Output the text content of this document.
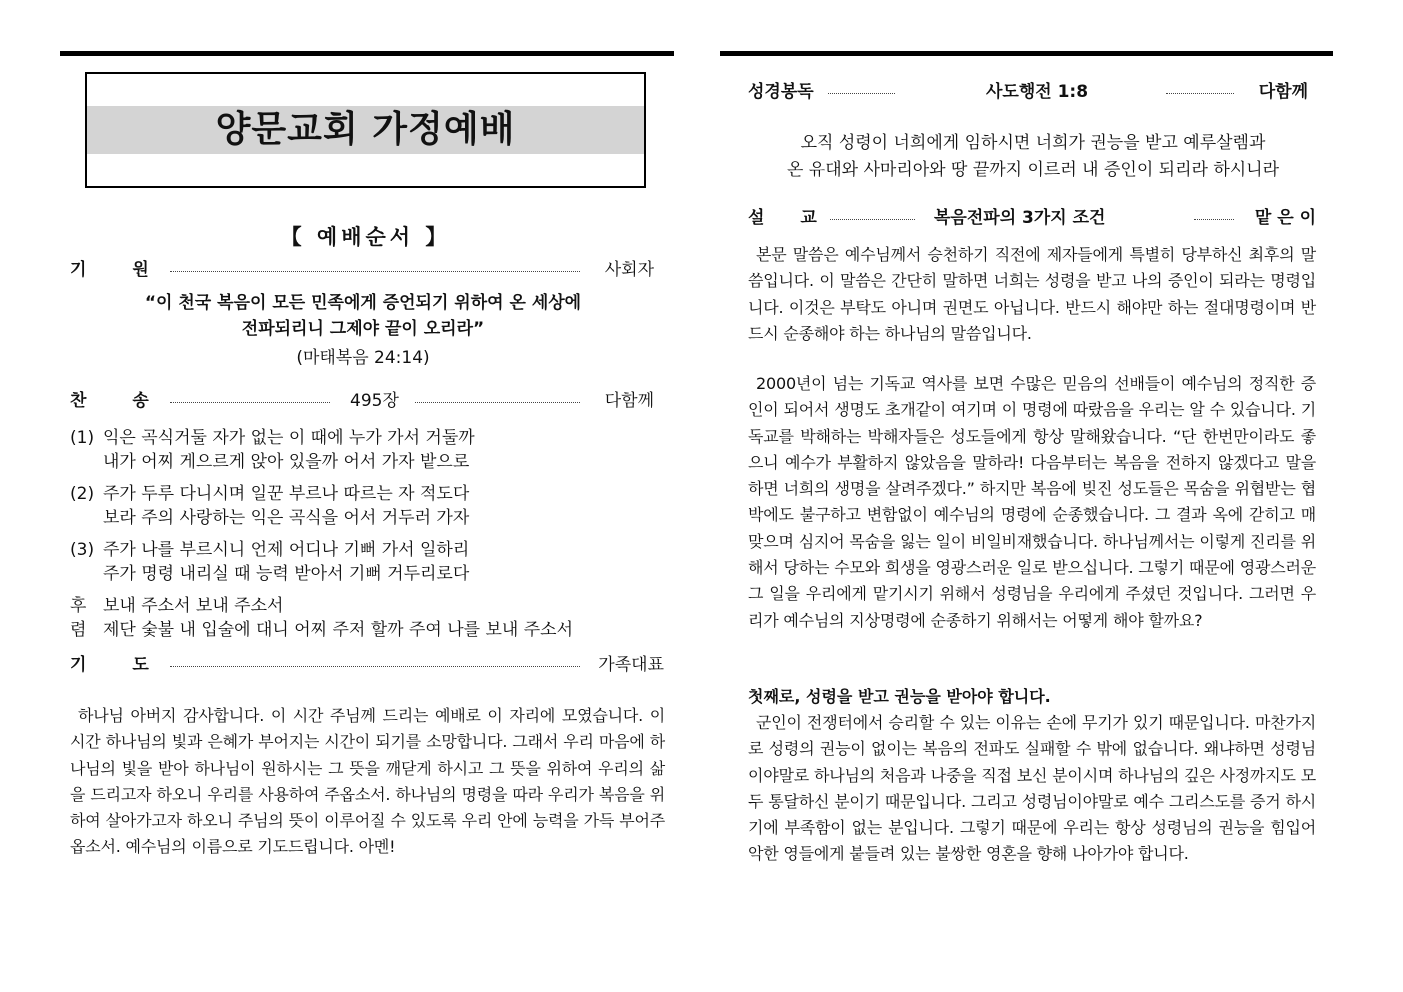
양문교회 가정예배
【 예배순서 】
기 원	사회자
“이 천국 복음이 모든 민족에게 증언되기 위하여 온 세상에
전파되리니 그제야 끝이 오리라”
(마태복음 24:14)
찬 송	495장	다함께
(1) 익은 곡식거둘 자가 없는 이 때에 누가 가서 거둘까
내가 어찌 게으르게 앉아 있을까 어서 가자 밭으로
(2) 주가 두루 다니시며 일꾼 부르나 따르는 자 적도다
보라 주의 사랑하는 익은 곡식을 어서 거두러 가자
(3) 주가 나를 부르시니 언제 어디나 기뻐 가서 일하리
주가 명령 내리실 때 능력 받아서 기뻐 거두리로다
후 보내 주소서 보내 주소서
렴 제단 숯불 내 입술에 대니 어찌 주저 할까 주여 나를 보내 주소서
기 도	가족대표

하나님 아버지 감사합니다. 이 시간 주님께 드리는 예배로 이 자리에 모였습니다. 이 시간 하나님의 빛과 은혜가 부어지는 시간이 되기를 소망합니다. 그래서 우리 마음에 하나님의 빛을 받아 하나님이 원하시는 그 뜻을 깨닫게 하시고 그 뜻을 위하여 우리의 삶을 드리고자 하오니 우리를 사용하여 주옵소서. 하나님의 명령을 따라 우리가 복음을 위하여 살아가고자 하오니 주님의 뜻이 이루어질 수 있도록 우리 안에 능력을 가득 부어주옵소서. 예수님의 이름으로 기도드립니다. 아멘!

성경봉독	사도행전 1:8	다함께
오직 성령이 너희에게 임하시면 너희가 권능을 받고 예루살렘과
온 유대와 사마리아와 땅 끝까지 이르러 내 증인이 되리라 하시니라
설 교	복음전파의 3가지 조건	맡 은 이

본문 말씀은 예수님께서 승천하기 직전에 제자들에게 특별히 당부하신 최후의 말씀입니다. 이 말씀은 간단히 말하면 너희는 성령을 받고 나의 증인이 되라는 명령입니다. 이것은 부탁도 아니며 권면도 아닙니다. 반드시 해야만 하는 절대명령이며 반드시 순종해야 하는 하나님의 말씀입니다.

2000년이 넘는 기독교 역사를 보면 수많은 믿음의 선배들이 예수님의 정직한 증인이 되어서 생명도 초개같이 여기며 이 명령에 따랐음을 우리는 알 수 있습니다. 기독교를 박해하는 박해자들은 성도들에게 항상 말해왔습니다. “단 한번만이라도 좋으니 예수가 부활하지 않았음을 말하라! 다음부터는 복음을 전하지 않겠다고 말을 하면 너희의 생명을 살려주겠다.” 하지만 복음에 빚진 성도들은 목숨을 위협받는 협박에도 불구하고 변함없이 예수님의 명령에 순종했습니다. 그 결과 옥에 갇히고 매 맞으며 심지어 목숨을 잃는 일이 비일비재했습니다. 하나님께서는 이렇게 진리를 위해서 당하는 수모와 희생을 영광스러운 일로 받으십니다. 그렇기 때문에 영광스러운 그 일을 우리에게 맡기시기 위해서 성령님을 우리에게 주셨던 것입니다. 그러면 우리가 예수님의 지상명령에 순종하기 위해서는 어떻게 해야 할까요?

첫째로, 성령을 받고 권능을 받아야 합니다.

군인이 전쟁터에서 승리할 수 있는 이유는 손에 무기가 있기 때문입니다. 마찬가지로 성령의 권능이 없이는 복음의 전파도 실패할 수 밖에 없습니다. 왜냐하면 성령님이야말로 하나님의 처음과 나중을 직접 보신 분이시며 하나님의 깊은 사정까지도 모두 통달하신 분이기 때문입니다. 그리고 성령님이야말로 예수 그리스도를 증거 하시기에 부족함이 없는 분입니다. 그렇기 때문에 우리는 항상 성령님의 권능을 힘입어 악한 영들에게 붙들려 있는 불쌍한 영혼을 향해 나아가야 합니다.
